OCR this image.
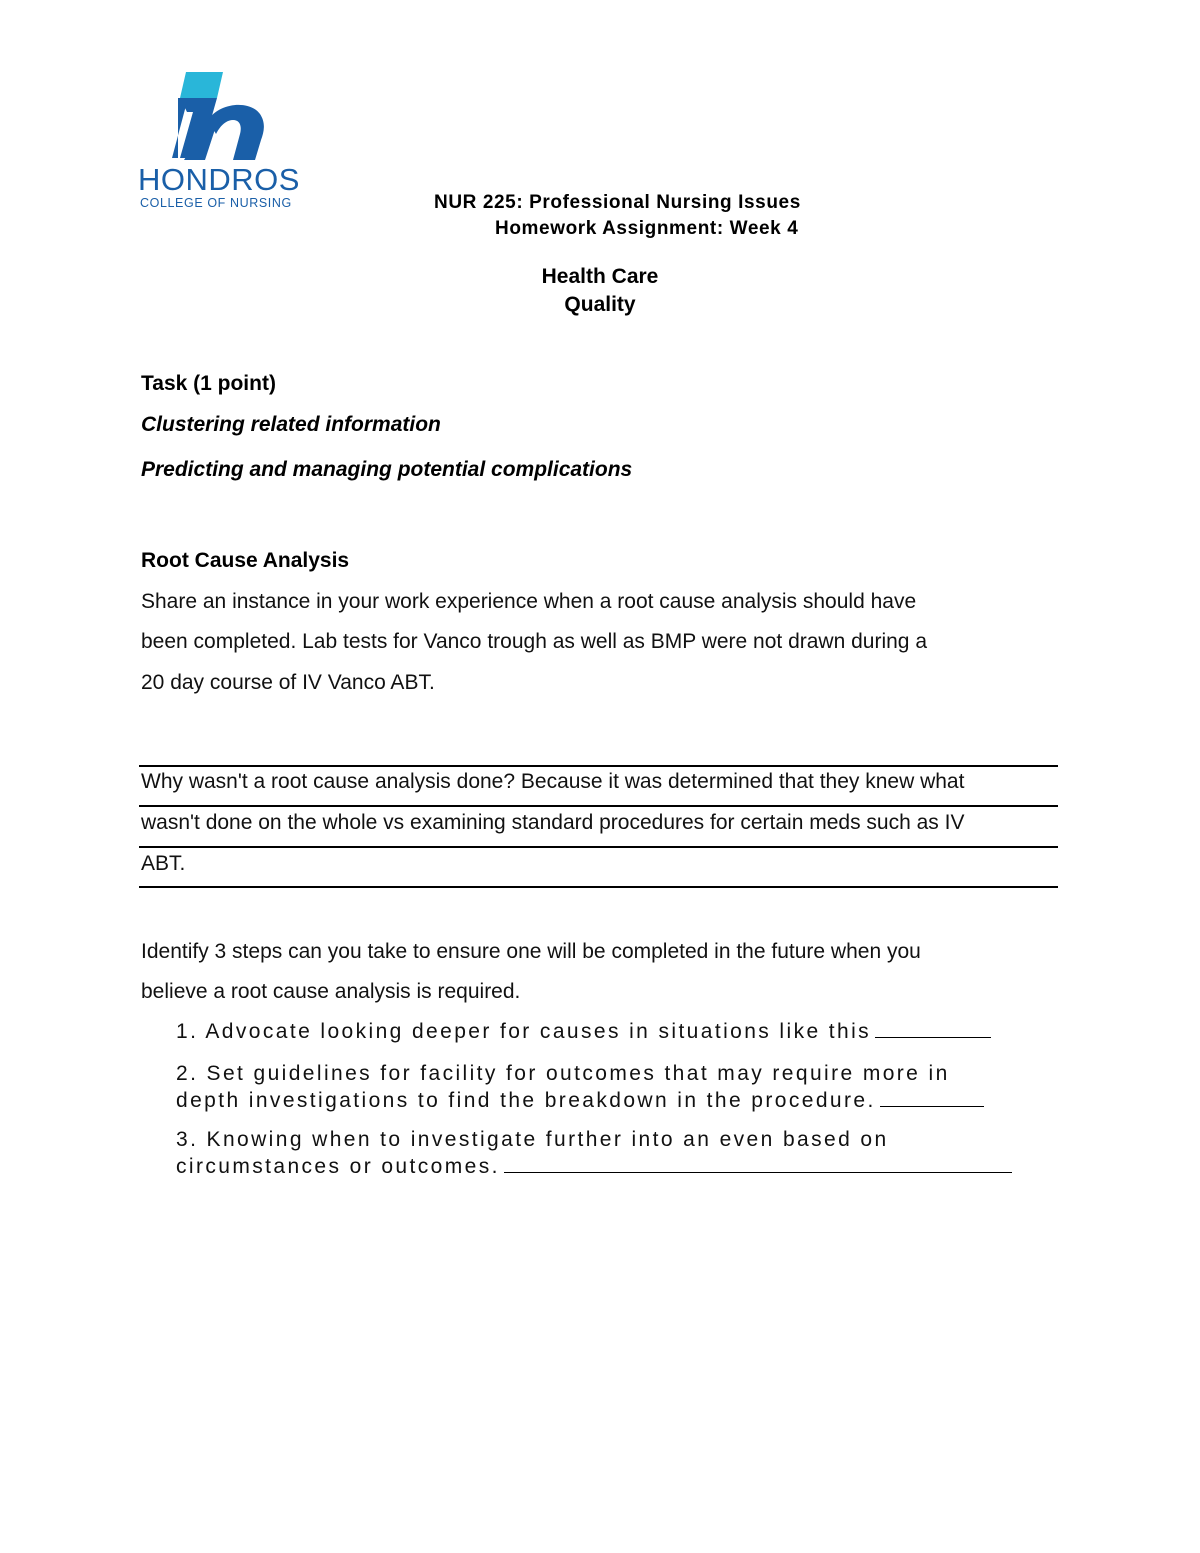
HONDROS
COLLEGE OF NURSING	NUR 225: Professional Nursing Issues
Homework Assignment: Week 4
Health Care
Quality
Task (1 point)
Clustering related information
Predicting and managing potential complications
Root Cause Analysis
Share an instance in your work experience when a root cause analysis should have
been completed. Lab tests for Vanco trough as well as BMP were not drawn during a
20 day course of IV Vanco ABT.
Why wasn't a root cause analysis done? Because it was determined that they knew what
wasn't done on the whole vs examining standard procedures for certain meds such as IV
ABT.
Identify 3 steps can you take to ensure one will be completed in the future when you
believe a root cause analysis is required.
1. Advocate looking deeper for causes in situations like this
2. Set guidelines for facility for outcomes that may require more in
depth investigations to find the breakdown in the procedure.
3. Knowing when to investigate further into an even based on
circumstances or outcomes.
